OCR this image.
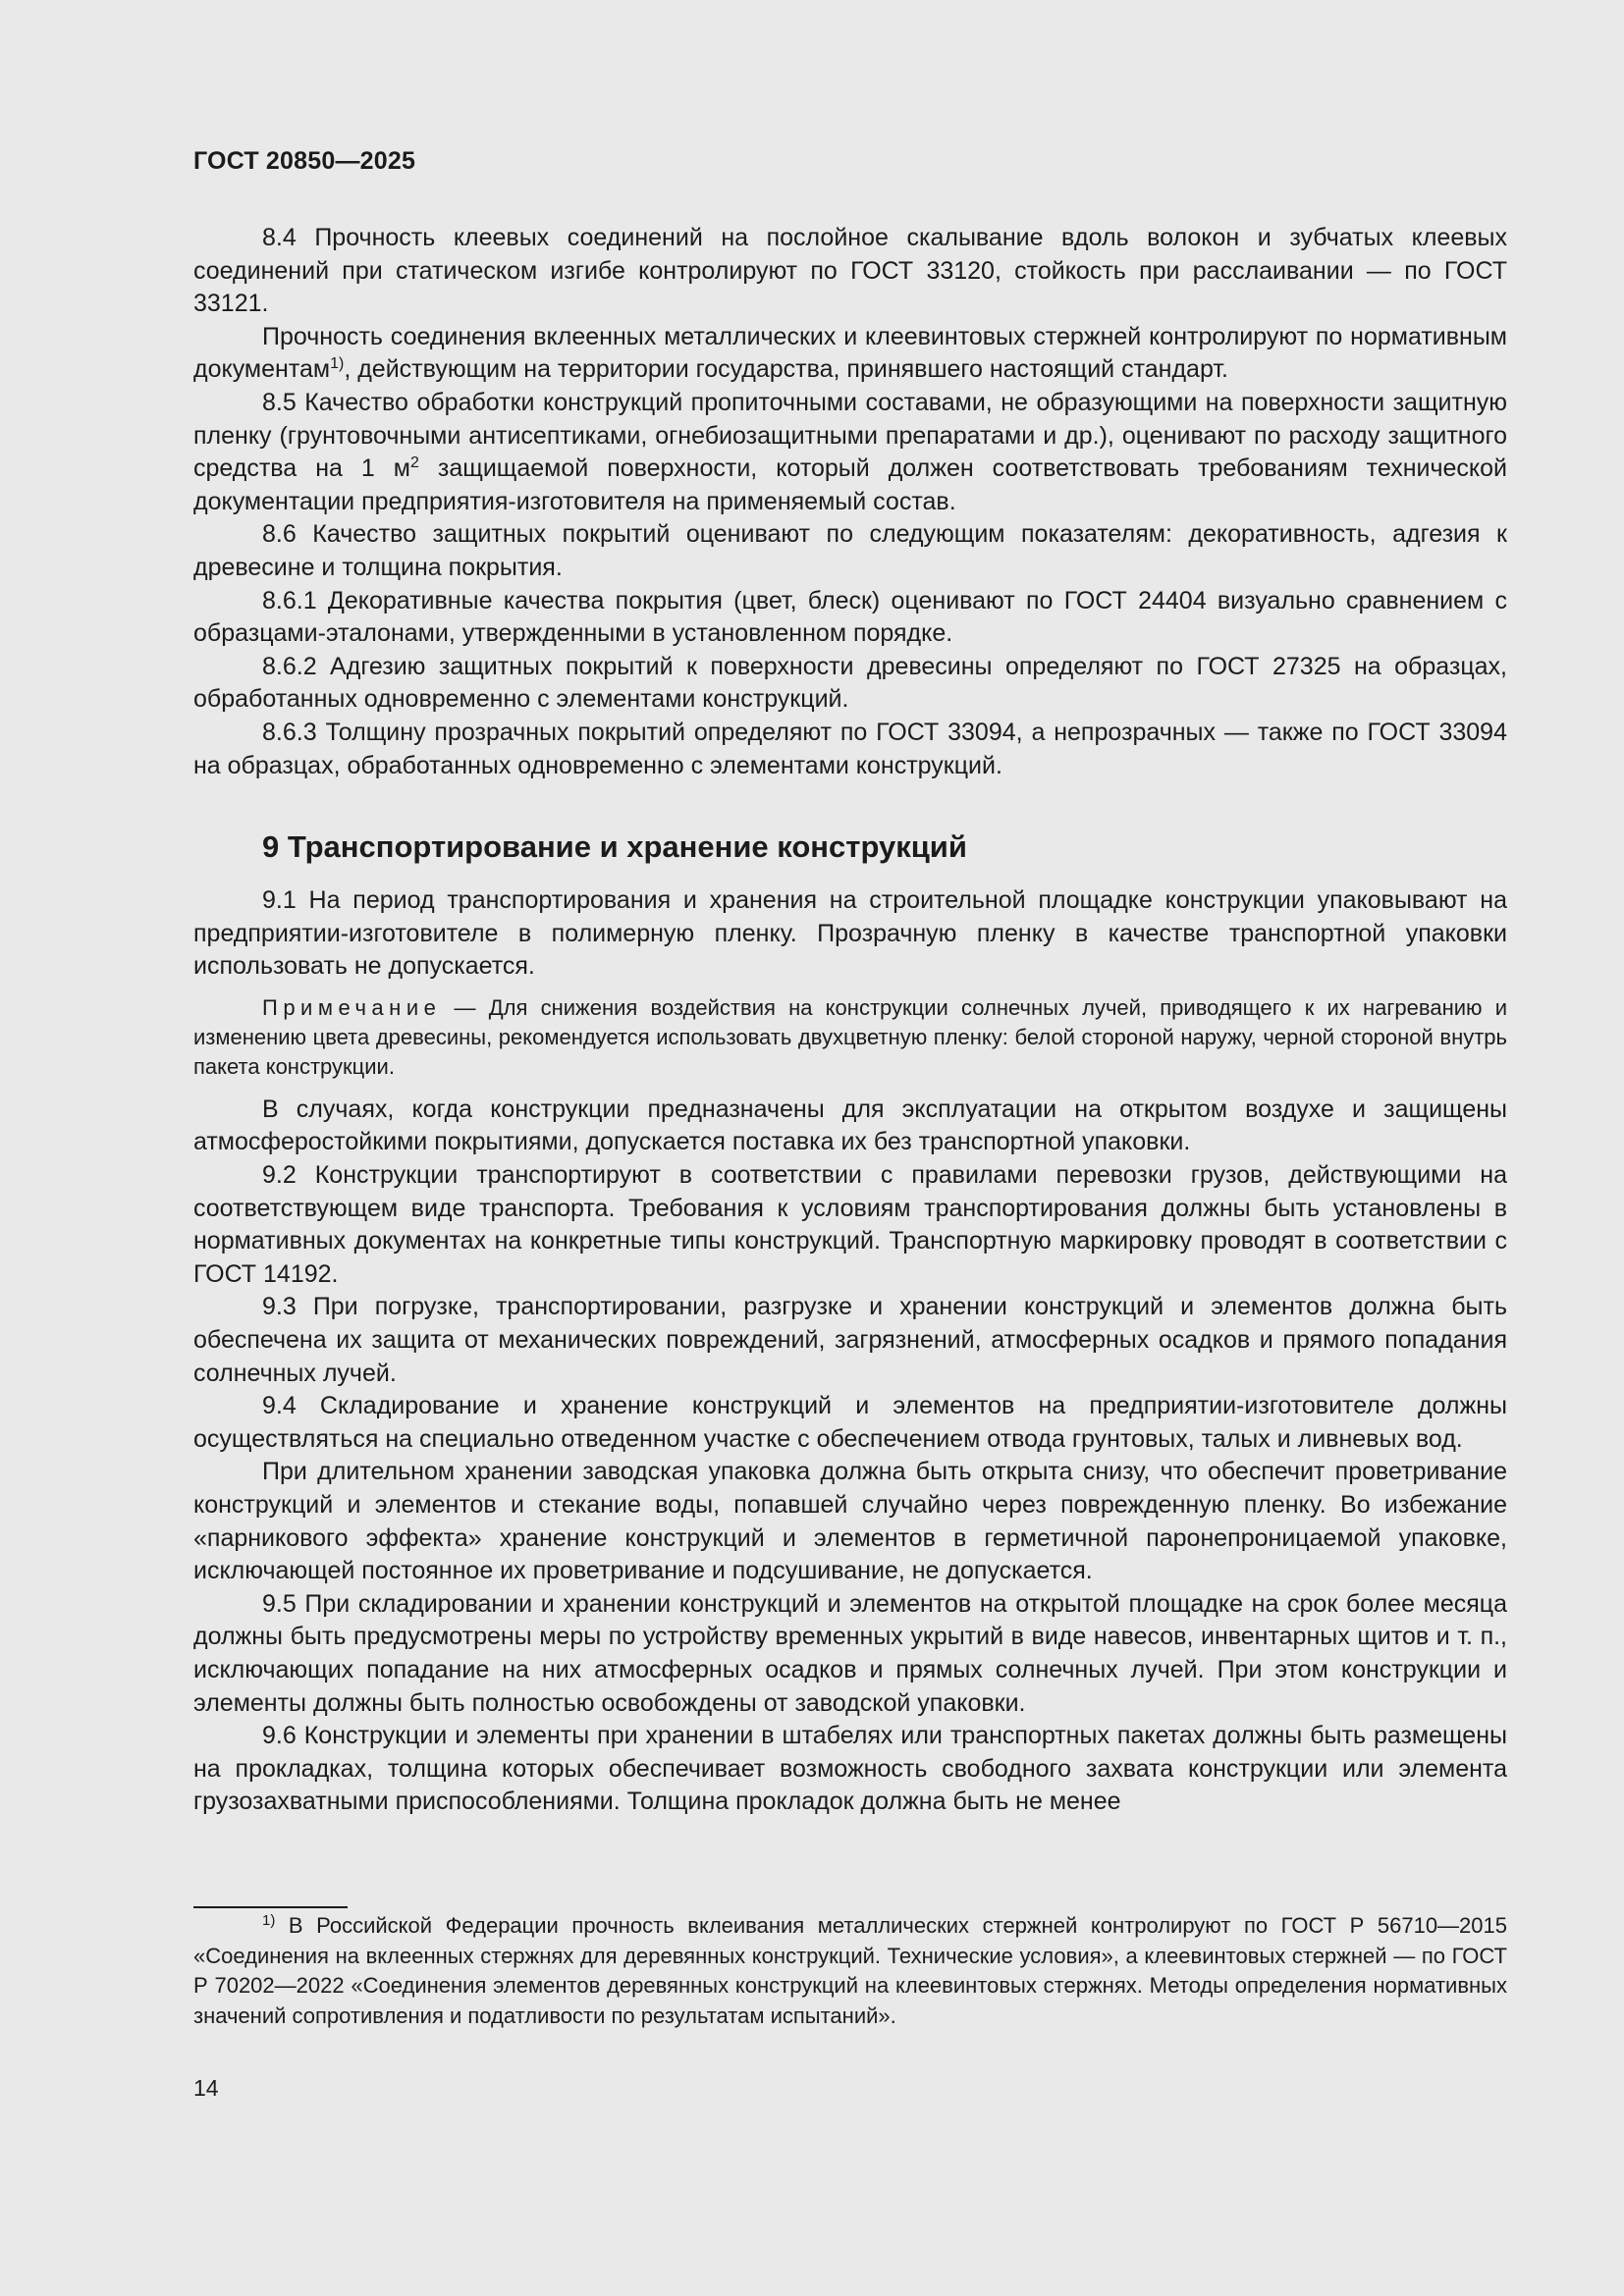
ГОСТ 20850—2025

8.4 Прочность клеевых соединений на послойное скалывание вдоль волокон и зубчатых клеевых соединений при статическом изгибе контролируют по ГОСТ 33120, стойкость при расслаивании — по ГОСТ 33121.

Прочность соединения вклеенных металлических и клеевинтовых стержней контролируют по нормативным документам$^{1)}$, действующим на территории государства, принявшего настоящий стандарт.

8.5 Качество обработки конструкций пропиточными составами, не образующими на поверхности защитную пленку (грунтовочными антисептиками, огнебиозащитными препаратами и др.), оценивают по расходу защитного средства на 1 $м^2$ защищаемой поверхности, который должен соответствовать требованиям технической документации предприятия-изготовителя на применяемый состав.

8.6 Качество защитных покрытий оценивают по следующим показателям: декоративность, адгезия к древесине и толщина покрытия.

8.6.1 Декоративные качества покрытия (цвет, блеск) оценивают по ГОСТ 24404 визуально сравнением с образцами-эталонами, утвержденными в установленном порядке.

8.6.2 Адгезию защитных покрытий к поверхности древесины определяют по ГОСТ 27325 на образцах, обработанных одновременно с элементами конструкций.

8.6.3 Толщину прозрачных покрытий определяют по ГОСТ 33094, а непрозрачных — также по ГОСТ 33094 на образцах, обработанных одновременно с элементами конструкций.

9 Транспортирование и хранение конструкций

9.1 На период транспортирования и хранения на строительной площадке конструкции упаковывают на предприятии-изготовителе в полимерную пленку. Прозрачную пленку в качестве транспортной упаковки использовать не допускается.

Примечание — Для снижения воздействия на конструкции солнечных лучей, приводящего к их нагреванию и изменению цвета древесины, рекомендуется использовать двухцветную пленку: белой стороной наружу, черной стороной внутрь пакета конструкции.

В случаях, когда конструкции предназначены для эксплуатации на открытом воздухе и защищены атмосферостойкими покрытиями, допускается поставка их без транспортной упаковки.

9.2 Конструкции транспортируют в соответствии с правилами перевозки грузов, действующими на соответствующем виде транспорта. Требования к условиям транспортирования должны быть установлены в нормативных документах на конкретные типы конструкций. Транспортную маркировку проводят в соответствии с ГОСТ 14192.

9.3 При погрузке, транспортировании, разгрузке и хранении конструкций и элементов должна быть обеспечена их защита от механических повреждений, загрязнений, атмосферных осадков и прямого попадания солнечных лучей.

9.4 Складирование и хранение конструкций и элементов на предприятии-изготовителе должны осуществляться на специально отведенном участке с обеспечением отвода грунтовых, талых и ливневых вод.

При длительном хранении заводская упаковка должна быть открыта снизу, что обеспечит проветривание конструкций и элементов и стекание воды, попавшей случайно через поврежденную пленку. Во избежание «парникового эффекта» хранение конструкций и элементов в герметичной паронепроницаемой упаковке, исключающей постоянное их проветривание и подсушивание, не допускается.

9.5 При складировании и хранении конструкций и элементов на открытой площадке на срок более месяца должны быть предусмотрены меры по устройству временных укрытий в виде навесов, инвентарных щитов и т. п., исключающих попадание на них атмосферных осадков и прямых солнечных лучей. При этом конструкции и элементы должны быть полностью освобождены от заводской упаковки.

9.6 Конструкции и элементы при хранении в штабелях или транспортных пакетах должны быть размещены на прокладках, толщина которых обеспечивает возможность свободного захвата конструкции или элемента грузозахватными приспособлениями. Толщина прокладок должна быть не менее

$^{1)}$ В Российской Федерации прочность вклеивания металлических стержней контролируют по ГОСТ Р 56710—2015 «Соединения на вклеенных стержнях для деревянных конструкций. Технические условия», а клеевинтовых стержней — по ГОСТ Р 70202—2022 «Соединения элементов деревянных конструкций на клеевинтовых стержнях. Методы определения нормативных значений сопротивления и податливости по результатам испытаний».

14
